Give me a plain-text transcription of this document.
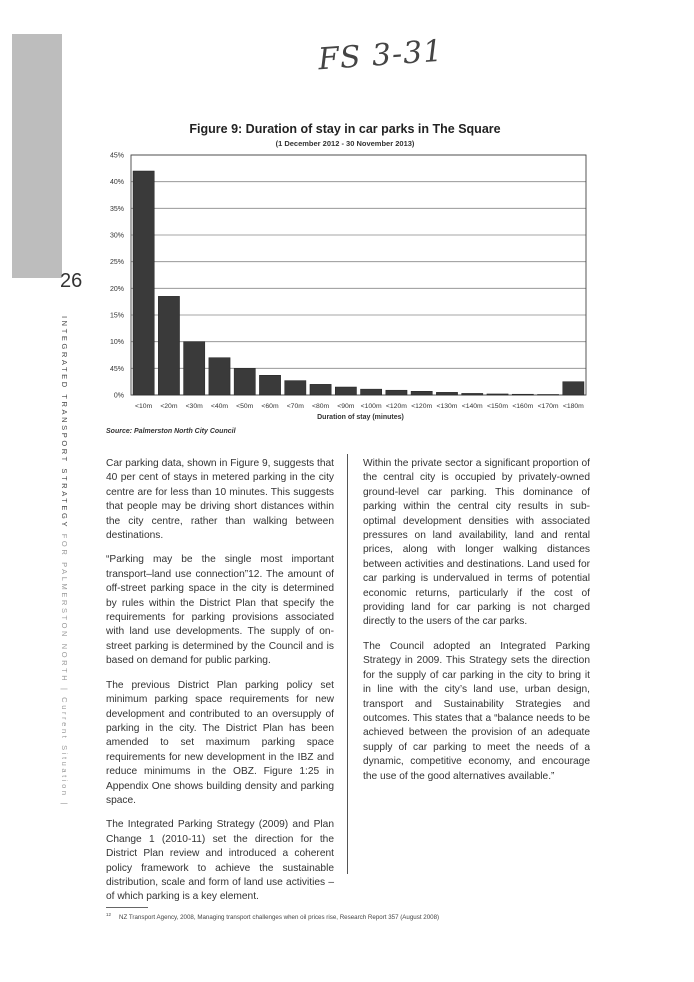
26
INTEGRATED TRANSPORT STRATEGY FOR PALMERSTON NORTH | Current Situation |
FS 3-31
Figure 9: Duration of stay in car parks in The Square
(1 December 2012 - 30 November 2013)
0%
45%
10%
15%
20%
25%
30%
35%
40%
45%
<10m <20m <30m <40m <50m <60m <70m <80m <90m <100m <120m <120m <130m <140m <150m <160m <170m <180m
Duration of stay (minutes)
Source: Palmerston North City Council

Car parking data, shown in Figure 9, suggests that 40 per cent of stays in metered parking in the city centre are for less than 10 minutes. This suggests that people may be driving short distances within the city centre, rather than walking between destinations.

“Parking may be the single most important transport–land use connection”12. The amount of off-street parking space in the city is determined by rules within the District Plan that specify the requirements for parking provisions associated with land use developments. The supply of on-street parking is determined by the Council and is based on demand for public parking.

The previous District Plan parking policy set minimum parking space requirements for new development and contributed to an oversupply of parking in the city. The District Plan has been amended to set maximum parking space requirements for new development in the IBZ and reduce minimums in the OBZ. Figure 1:25 in Appendix One shows building density and parking space.

The Integrated Parking Strategy (2009) and Plan Change 1 (2010-11) set the direction for the District Plan review and introduced a coherent policy framework to achieve the sustainable distribution, scale and form of land use activities – of which parking is a key element.

Within the private sector a significant proportion of the central city is occupied by privately-owned ground-level car parking. This dominance of parking within the central city results in sub-optimal development densities with associated pressures on land availability, land and rental prices, along with longer walking distances between activities and destinations. Land used for car parking is undervalued in terms of potential economic returns, particularly if the cost of providing land for car parking is not charged directly to the users of the car parks.

The Council adopted an Integrated Parking Strategy in 2009. This Strategy sets the direction for the supply of car parking in the city to bring it in line with the city’s land use, urban design, transport and Sustainability Strategies and outcomes. This states that a “balance needs to be achieved between the provision of an adequate supply of car parking to meet the needs of a dynamic, competitive economy, and encourage the use of the good alternatives available.”

$^{12}$ NZ Transport Agency, 2008, Managing transport challenges when oil prices rise, Research Report 357 (August 2008)
